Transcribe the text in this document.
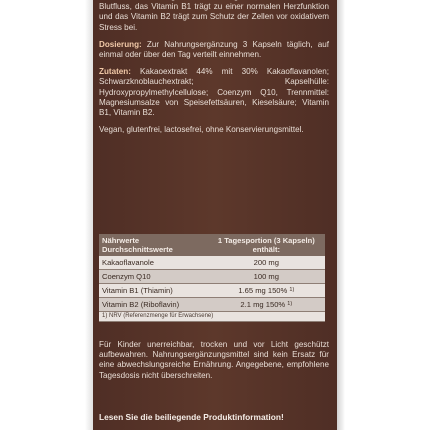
Blutfluss, das Vitamin B1 trägt zu einer normalen Herzfunktion und das Vitamin B2 trägt zum Schutz der Zellen vor oxidativem Stress bei.

Dosierung: Zur Nahrungsergänzung 3 Kapseln täglich, auf einmal oder über den Tag verteilt einnehmen.

Zutaten: Kakaoextrakt 44% mit 30% Kakaoflavanolen; Schwarzknoblauchextrakt; Kapselhülle: Hydroxypropylmethylcellulose; Coenzym Q10, Trennmittel: Magnesiumsalze von Speisefettsäuren, Kieselsäure; Vitamin B1, Vitamin B2.

Vegan, glutenfrei, lactosefrei, ohne Konservierungsmittel.

Nährwerte Durchschnittswerte	1 Tagesportion (3 Kapseln) enthält:
Kakaoflavanole	200 mg
Coenzym Q10	100 mg
Vitamin B1 (Thiamin)	1.65 mg 150% $^{1)}$
Vitamin B2 (Riboflavin)	2.1 mg 150% $^{1)}$
1) NRV (Referenzmenge für Erwachsene)	

Für Kinder unerreichbar, trocken und vor Licht geschützt aufbewahren. Nahrungsergänzungsmittel sind kein Ersatz für eine abwechslungsreiche Ernährung. Angegebene, empfohlene Tagesdosis nicht überschreiten.

Lesen Sie die beiliegende Produktinformation!
